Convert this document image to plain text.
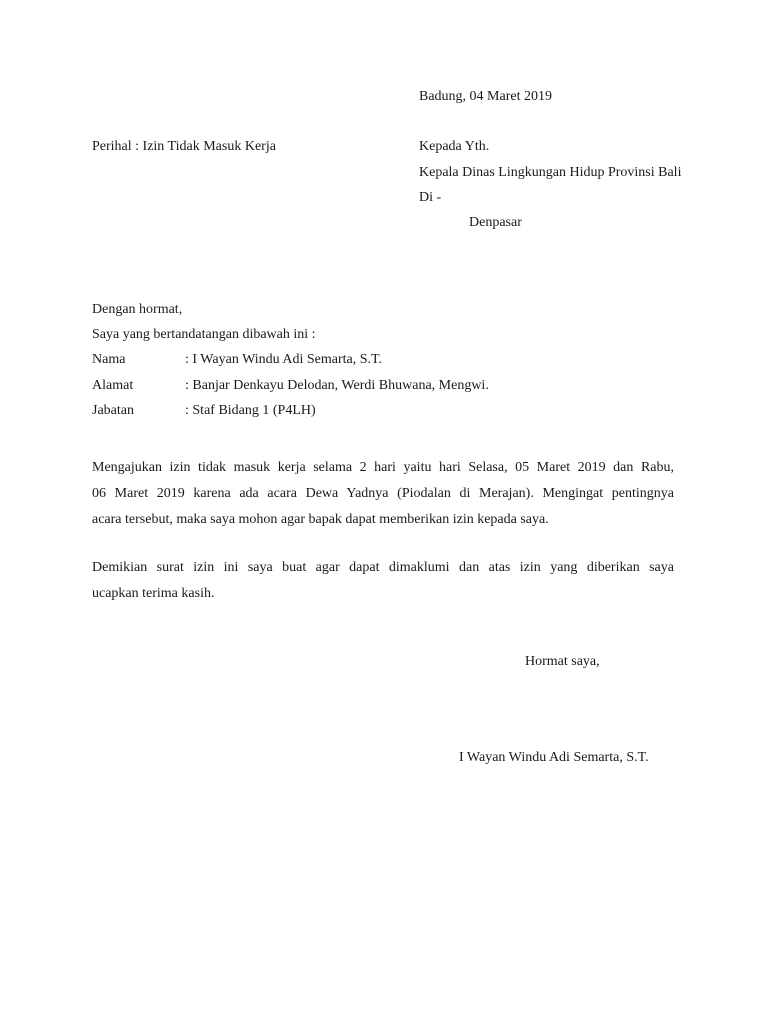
Badung, 04 Maret 2019
Perihal : Izin Tidak Masuk Kerja	Kepada Yth.
Kepala Dinas Lingkungan Hidup Provinsi Bali
Di -
Denpasar
Dengan hormat,
Saya yang bertandatangan dibawah ini :
Nama	: I Wayan Windu Adi Semarta, S.T.
Alamat	: Banjar Denkayu Delodan, Werdi Bhuwana, Mengwi.
Jabatan	: Staf Bidang 1 (P4LH)
Mengajukan izin tidak masuk kerja selama 2 hari yaitu hari Selasa, 05 Maret 2019 dan Rabu,
06 Maret 2019 karena ada acara Dewa Yadnya (Piodalan di Merajan). Mengingat pentingnya
acara tersebut, maka saya mohon agar bapak dapat memberikan izin kepada saya.
Demikian surat izin ini saya buat agar dapat dimaklumi dan atas izin yang diberikan saya
ucapkan terima kasih.
Hormat saya,
I Wayan Windu Adi Semarta, S.T.
